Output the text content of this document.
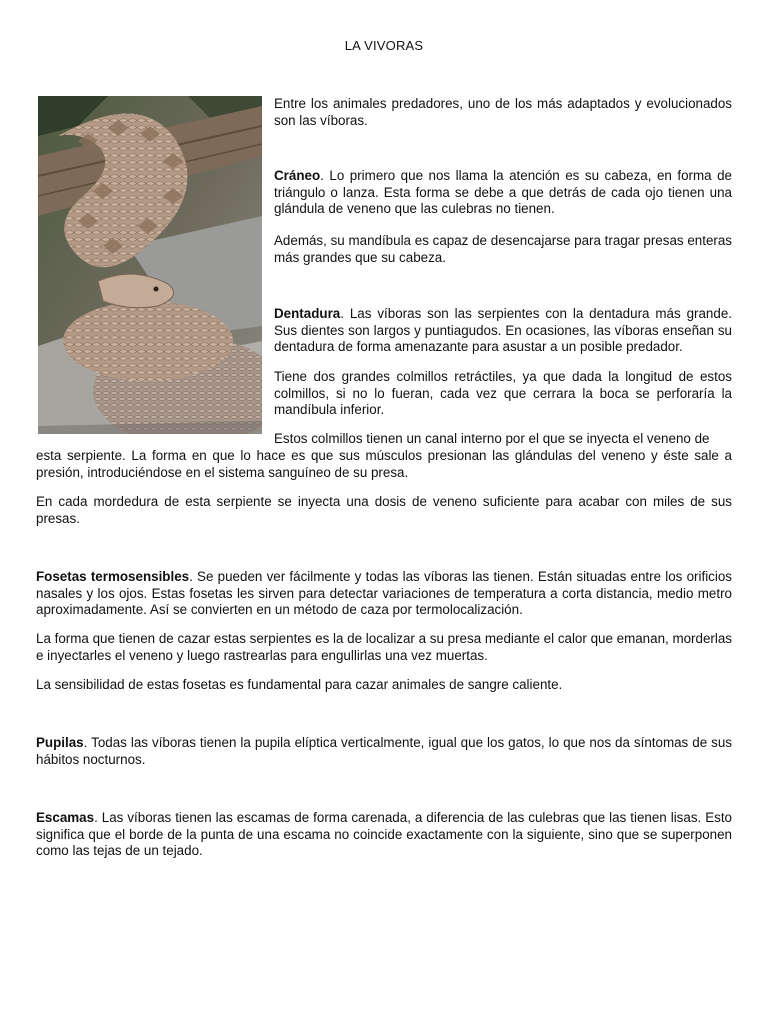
LA VIVORAS

Entre los animales predadores, uno de los más adaptados y evolucionados son las víboras.

Cráneo. Lo primero que nos llama la atención es su cabeza, en forma de triángulo o lanza. Esta forma se debe a que detrás de cada ojo tienen una glándula de veneno que las culebras no tienen.

Además, su mandíbula es capaz de desencajarse para tragar presas enteras más grandes que su cabeza.

Dentadura. Las víboras son las serpientes con la dentadura más grande. Sus dientes son largos y puntiagudos. En ocasiones, las víboras enseñan su dentadura de forma amenazante para asustar a un posible predador.

Tiene dos grandes colmillos retráctiles, ya que dada la longitud de estos colmillos, si no lo fueran, cada vez que cerrara la boca se perforaría la mandíbula inferior.

Estos colmillos tienen un canal interno por el que se inyecta el veneno de

esta serpiente. La forma en que lo hace es que sus músculos presionan las glándulas del veneno y éste sale a presión, introduciéndose en el sistema sanguíneo de su presa.

En cada mordedura de esta serpiente se inyecta una dosis de veneno suficiente para acabar con miles de sus presas.

Fosetas termosensibles. Se pueden ver fácilmente y todas las víboras las tienen. Están situadas entre los orificios nasales y los ojos. Estas fosetas les sirven para detectar variaciones de temperatura a corta distancia, medio metro aproximadamente. Así se convierten en un método de caza por termolocalización.

La forma que tienen de cazar estas serpientes es la de localizar a su presa mediante el calor que emanan, morderlas e inyectarles el veneno y luego rastrearlas para engullirlas una vez muertas.

La sensibilidad de estas fosetas es fundamental para cazar animales de sangre caliente.

Pupilas. Todas las víboras tienen la pupila elíptica verticalmente, igual que los gatos, lo que nos da síntomas de sus hábitos nocturnos.

Escamas. Las víboras tienen las escamas de forma carenada, a diferencia de las culebras que las tienen lisas. Esto significa que el borde de la punta de una escama no coincide exactamente con la siguiente, sino que se superponen como las tejas de un tejado.
